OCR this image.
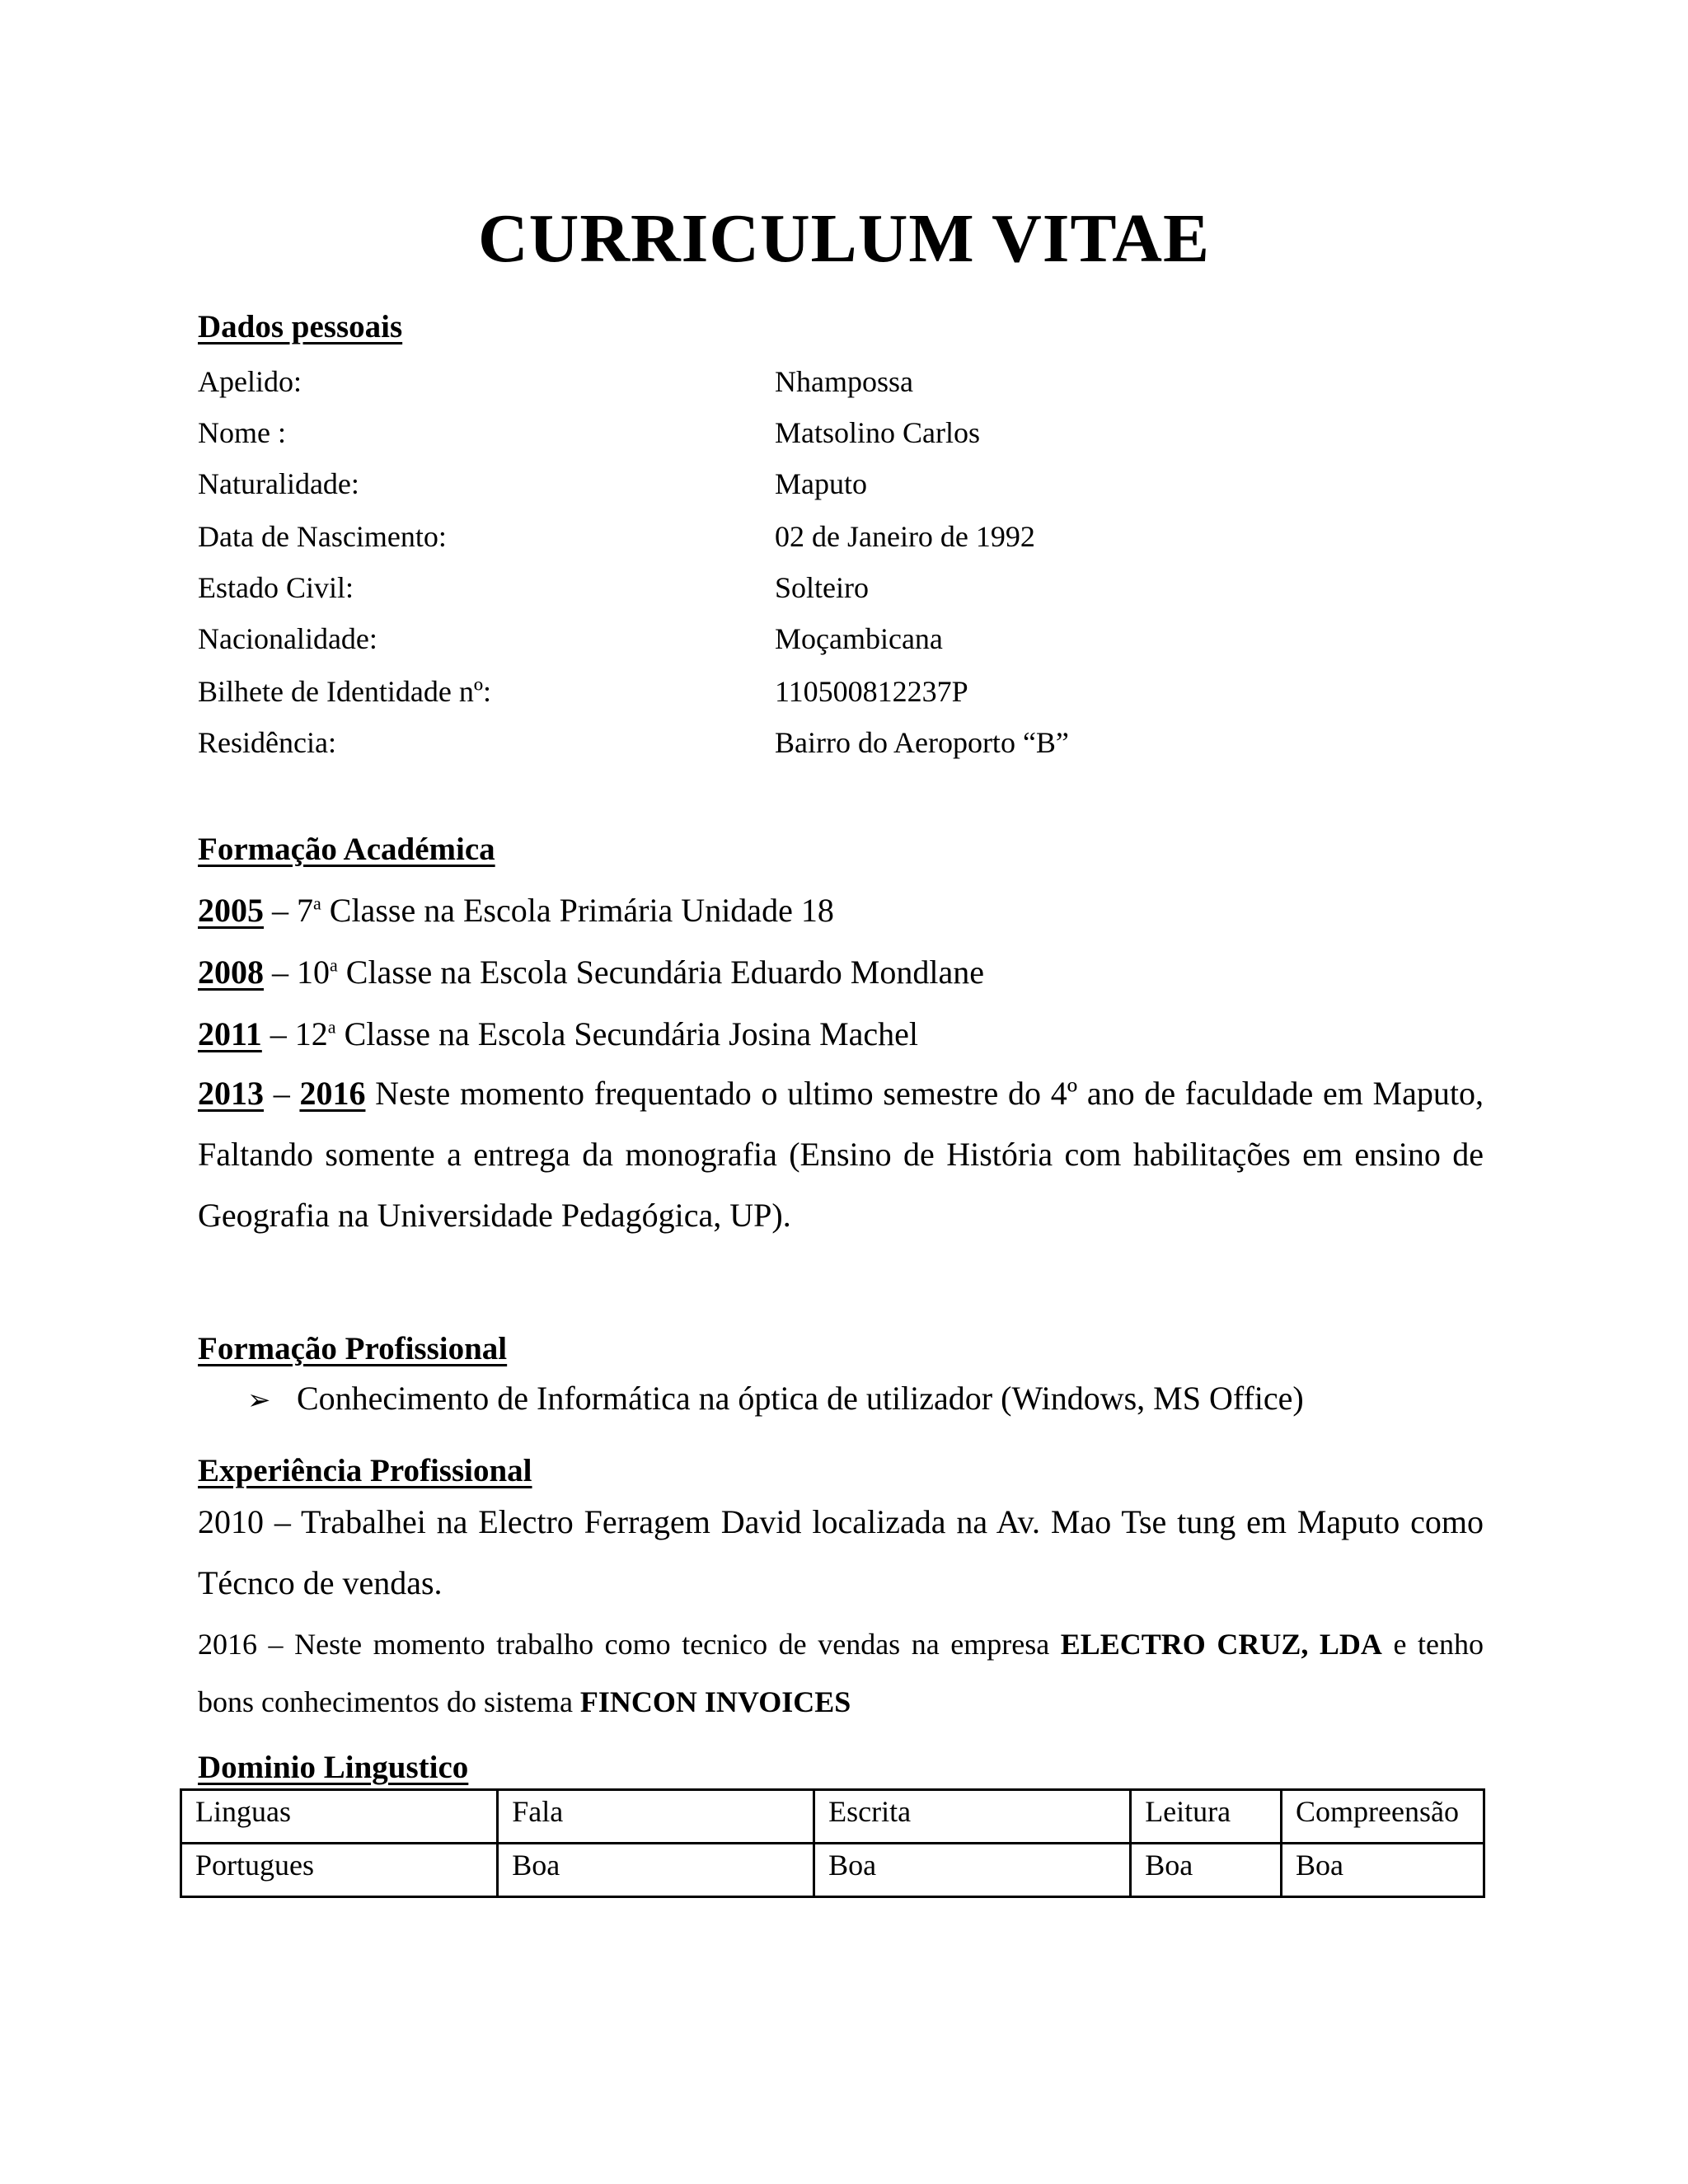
CURRICULUM VITAE
Dados pessoais
Apelido:	Nhampossa
Nome :	Matsolino Carlos
Naturalidade:	Maputo
Data de Nascimento:	02 de Janeiro de 1992
Estado Civil:	Solteiro
Nacionalidade:	Moçambicana
Bilhete de Identidade nº:	110500812237P
Residência:	Bairro do Aeroporto “B”
Formação Académica
2005 – 7$^a$ Classe na Escola Primária Unidade 18
2008 – 10$^a$ Classe na Escola Secundária Eduardo Mondlane
2011 – 12$^a$ Classe na Escola Secundária Josina Machel
2013 – 2016 Neste momento frequentado o ultimo semestre do 4º ano de faculdade em Maputo, Faltando somente a entrega da monografia (Ensino de História com habilitações em ensino de Geografia na Universidade Pedagógica, UP).
Formação Profissional
➢ Conhecimento de Informática na óptica de utilizador (Windows, MS Office)
Experiência Profissional
2010 – Trabalhei na Electro Ferragem David localizada na Av. Mao Tse tung em Maputo como Técnco de vendas.
2016 – Neste momento trabalho como tecnico de vendas na empresa ELECTRO CRUZ, LDA e tenho bons conhecimentos do sistema FINCON INVOICES
Dominio Lingustico
Linguas	Fala	Escrita	Leitura	Compreensão
Portugues	Boa	Boa	Boa	Boa
